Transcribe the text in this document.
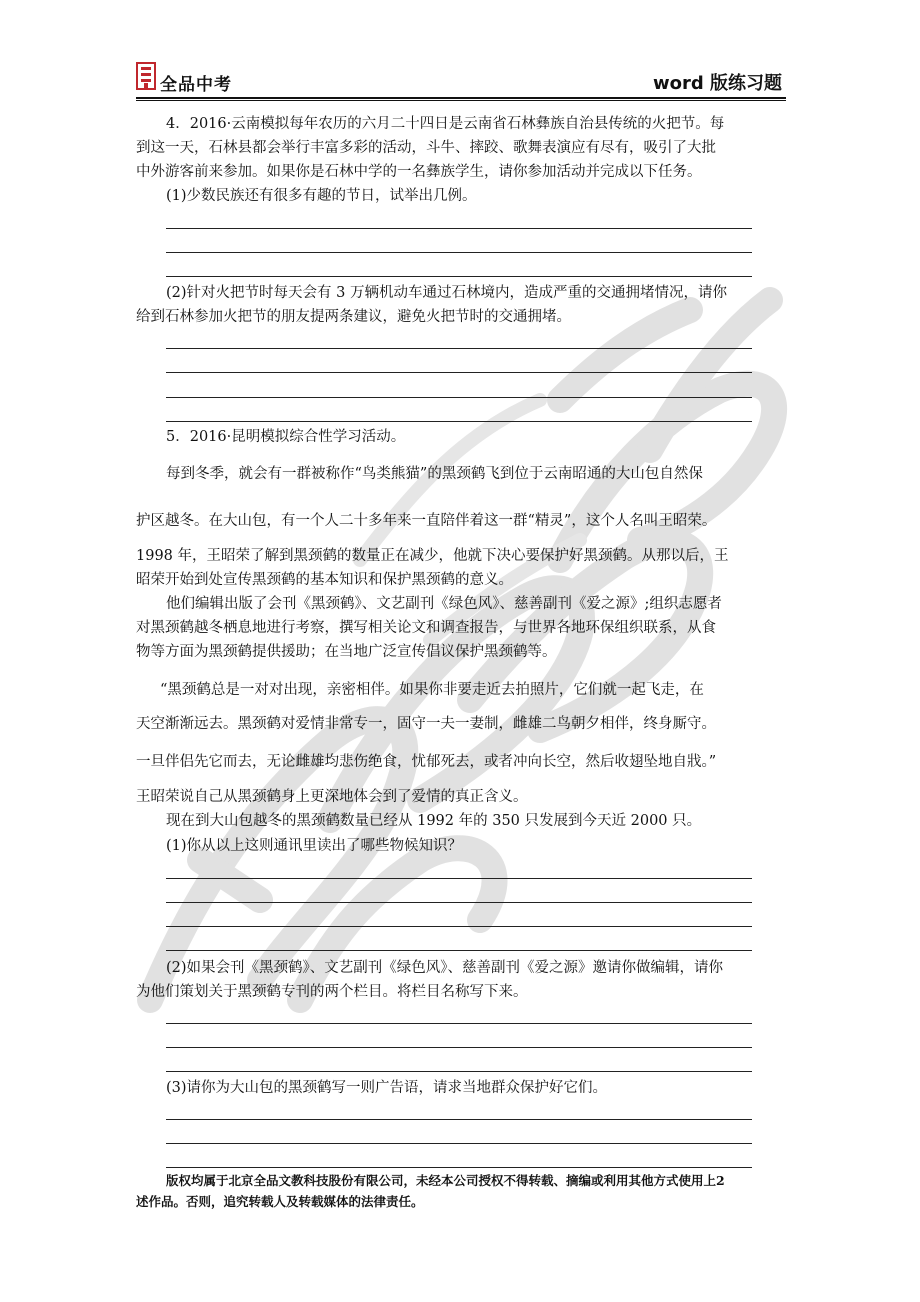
全品中考	word 版练习题
4．2016·云南模拟每年农历的六月二十四日是云南省石林彝族自治县传统的火把节。每
到这一天，石林县都会举行丰富多彩的活动，斗牛、摔跤、歌舞表演应有尽有，吸引了大批
中外游客前来参加。如果你是石林中学的一名彝族学生，请你参加活动并完成以下任务。
(1)少数民族还有很多有趣的节日，试举出几例。
(2)针对火把节时每天会有 3 万辆机动车通过石林境内，造成严重的交通拥堵情况，请你
给到石林参加火把节的朋友提两条建议，避免火把节时的交通拥堵。
5．2016·昆明模拟综合性学习活动。
每到冬季，就会有一群被称作“鸟类熊猫”的黑颈鹤飞到位于云南昭通的大山包自然保
护区越冬。在大山包，有一个人二十多年来一直陪伴着这一群“精灵”，这个人名叫王昭荣。
1998 年，王昭荣了解到黑颈鹤的数量正在减少，他就下决心要保护好黑颈鹤。从那以后，王
昭荣开始到处宣传黑颈鹤的基本知识和保护黑颈鹤的意义。
他们编辑出版了会刊《黑颈鹤》、文艺副刊《绿色风》、慈善副刊《爱之源》;组织志愿者
对黑颈鹤越冬栖息地进行考察，撰写相关论文和调查报告，与世界各地环保组织联系，从食
物等方面为黑颈鹤提供援助；在当地广泛宣传倡议保护黑颈鹤等。
“黑颈鹤总是一对对出现，亲密相伴。如果你非要走近去拍照片，它们就一起飞走，在
天空渐渐远去。黑颈鹤对爱情非常专一，固守一夫一妻制，雌雄二鸟朝夕相伴，终身厮守。
一旦伴侣先它而去，无论雌雄均悲伤绝食，忧郁死去，或者冲向长空，然后收翅坠地自戕。”
王昭荣说自己从黑颈鹤身上更深地体会到了爱情的真正含义。
现在到大山包越冬的黑颈鹤数量已经从 1992 年的 350 只发展到今天近 2000 只。
(1)你从以上这则通讯里读出了哪些物候知识？
(2)如果会刊《黑颈鹤》、文艺副刊《绿色风》、慈善副刊《爱之源》邀请你做编辑，请你
为他们策划关于黑颈鹤专刊的两个栏目。将栏目名称写下来。
(3)请你为大山包的黑颈鹤写一则广告语，请求当地群众保护好它们。
版权均属于北京全品文教科技股份有限公司，未经本公司授权不得转载、摘编或利用其他方式使用上2
述作品。否则，追究转载人及转载媒体的法律责任。
